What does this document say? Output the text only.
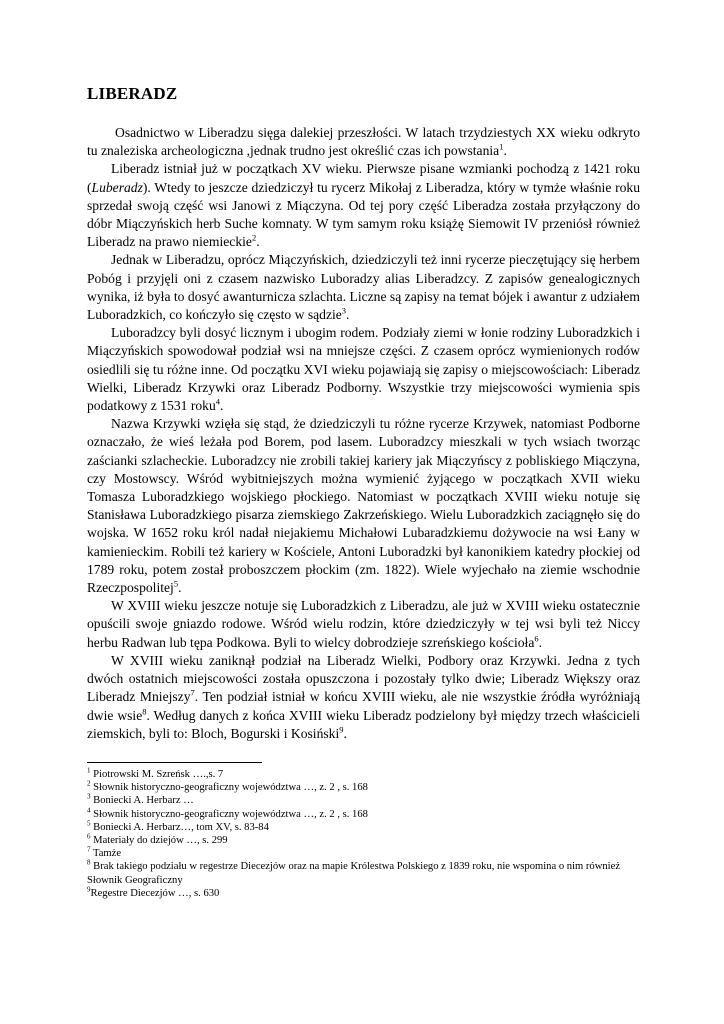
LIBERADZ

Osadnictwo w Liberadzu sięga dalekiej przeszłości. W latach trzydziestych XX wieku odkryto tu znaleziska archeologiczna ,jednak trudno jest określić czas ich powstania$^1$.

Liberadz istniał już w początkach XV wieku. Pierwsze pisane wzmianki pochodzą z 1421 roku (Luberadz). Wtedy to jeszcze dziedziczył tu rycerz Mikołaj z Liberadza, który w tymże właśnie roku sprzedał swoją część wsi Janowi z Miączyna. Od tej pory część Liberadza została przyłączony do dóbr Miączyńskich herb Suche komnaty. W tym samym roku książę Siemowit IV przeniósł również Liberadz na prawo niemieckie$^2$.

Jednak w Liberadzu, oprócz Miączyńskich, dziedziczyli też inni rycerze pieczętujący się herbem Pobóg i przyjęli oni z czasem nazwisko Luboradzy alias Liberadzcy. Z zapisów genealogicznych wynika, iż była to dosyć awanturnicza szlachta. Liczne są zapisy na temat bójek i awantur z udziałem Luboradzkich, co kończyło się często w sądzie$^3$.

Luboradzcy byli dosyć licznym i ubogim rodem. Podziały ziemi w łonie rodziny Luboradzkich i Miączyńskich spowodował podział wsi na mniejsze części. Z czasem oprócz wymienionych rodów osiedlili się tu różne inne. Od początku XVI wieku pojawiają się zapisy o miejscowościach: Liberadz Wielki, Liberadz Krzywki oraz Liberadz Podborny. Wszystkie trzy miejscowości wymienia spis podatkowy z 1531 roku$^4$.

Nazwa Krzywki wzięła się stąd, że dziedziczyli tu różne rycerze Krzywek, natomiast Podborne oznaczało, że wieś leżała pod Borem, pod lasem. Luboradzcy mieszkali w tych wsiach tworząc zaścianki szlacheckie. Luboradzcy nie zrobili takiej kariery jak Miączyńscy z pobliskiego Miączyna, czy Mostowscy. Wśród wybitniejszych można wymienić żyjącego w początkach XVII wieku Tomasza Luboradzkiego wojskiego płockiego. Natomiast w początkach XVIII wieku notuje się Stanisława Luboradzkiego pisarza ziemskiego Zakrzeńskiego. Wielu Luboradzkich zaciągnęło się do wojska. W 1652 roku król nadał niejakiemu Michałowi Lubaradzkiemu dożywocie na wsi Łany w kamienieckim. Robili też kariery w Kościele, Antoni Luboradzki był kanonikiem katedry płockiej od 1789 roku, potem został proboszczem płockim (zm. 1822). Wiele wyjechało na ziemie wschodnie Rzeczpospolitej$^5$.

W XVIII wieku jeszcze notuje się Luboradzkich z Liberadzu, ale już w XVIII wieku ostatecznie opuścili swoje gniazdo rodowe. Wśród wielu rodzin, które dziedziczyły w tej wsi byli też Niccy herbu Radwan lub tępa Podkowa. Byli to wielcy dobrodzieje szreńskiego kościoła$^6$.

W XVIII wieku zaniknął podział na Liberadz Wielki, Podbory oraz Krzywki. Jedna z tych dwóch ostatnich miejscowości została opuszczona i pozostały tylko dwie; Liberadz Większy oraz Liberadz Mniejszy$^7$. Ten podział istniał w końcu XVIII wieku, ale nie wszystkie źródła wyróżniają dwie wsie$^8$. Według danych z końca XVIII wieku Liberadz podzielony był między trzech właścicieli ziemskich, byli to: Bloch, Bogurski i Kosiński$^9$.

$^1$ Piotrowski M. Szreńsk ….,s. 7
$^2$ Słownik historyczno-geograficzny województwa …, z. 2 , s. 168
$^3$ Boniecki A. Herbarz …
$^4$ Słownik historyczno-geograficzny województwa …, z. 2 , s. 168
$^5$ Boniecki A. Herbarz…, tom XV, s. 83-84
$^6$ Materiały do dziejów …, s. 299
$^7$ Tamże
$^8$ Brak takiego podziału w regestrze Diecezjów oraz na mapie Królestwa Polskiego z 1839 roku, nie wspomina o nim również Słownik Geograficzny
$^9$Regestre Diecezjów …, s. 630
